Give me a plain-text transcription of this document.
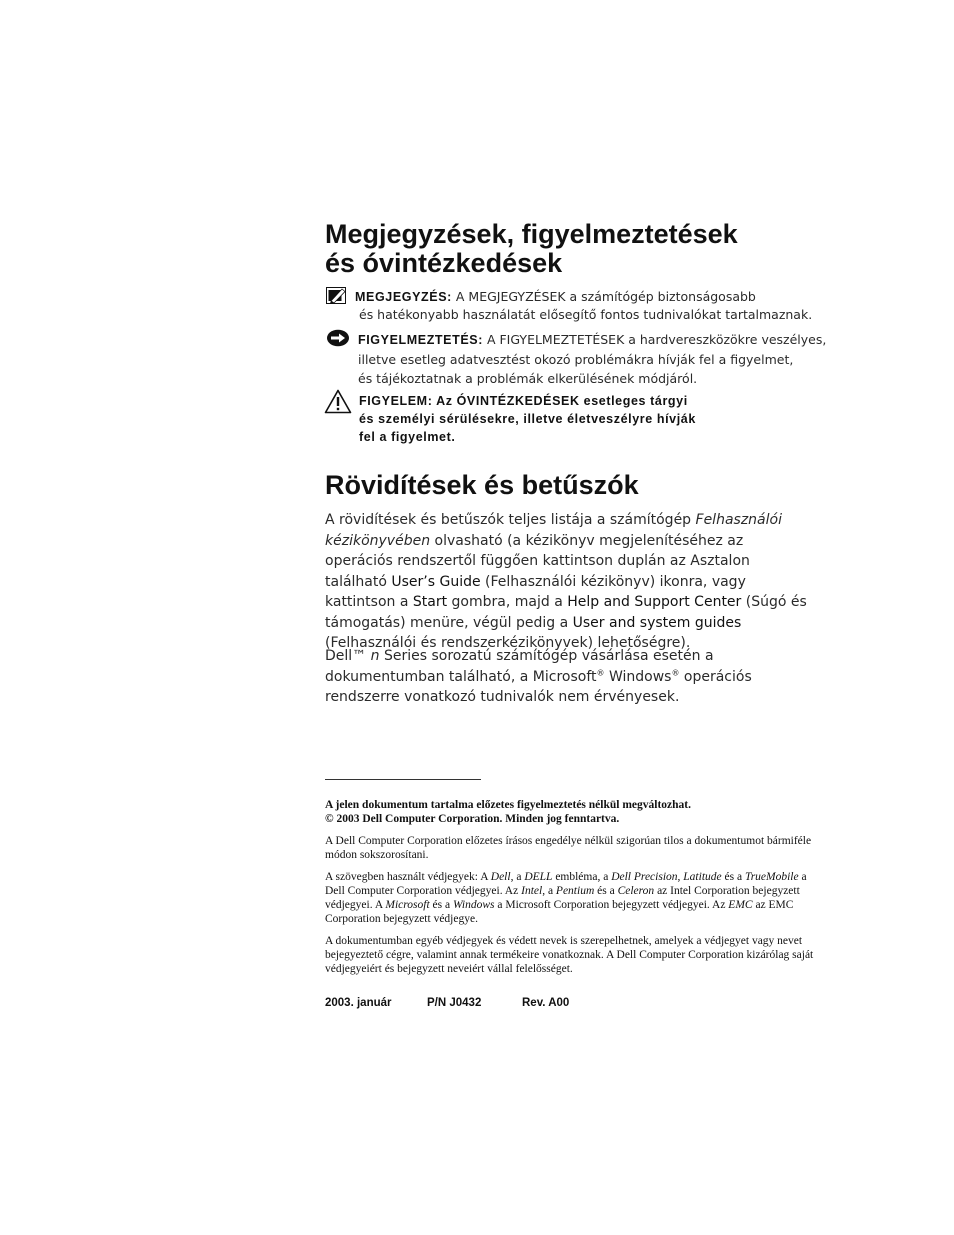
Megjegyzések, figyelmeztetések
és óvintézkedések
MEGJEGYZÉS: A MEGJEGYZÉSEK a számítógép biztonságosabb
és hatékonyabb használatát elősegítő fontos tudnivalókat tartalmaznak.
FIGYELMEZTETÉS: A FIGYELMEZTETÉSEK a hardvereszközökre veszélyes,
illetve esetleg adatvesztést okozó problémákra hívják fel a figyelmet,
és tájékoztatnak a problémák elkerülésének módjáról.
FIGYELEM: Az ÓVINTÉZKEDÉSEK esetleges tárgyi
és személyi sérülésekre, illetve életveszélyre hívják
fel a figyelmet.
Rövidítések és betűszók

A rövidítések és betűszók teljes listája a számítógép Felhasználói kézikönyvében olvasható (a kézikönyv megjelenítéséhez az operációs rendszertől függően kattintson duplán az Asztalon található User’s Guide (Felhasználói kézikönyv) ikonra, vagy kattintson a Start gombra, majd a Help and Support Center (Súgó és támogatás) menüre, végül pedig a User and system guides (Felhasználói és rendszerkézikönyvek) lehetőségre).

Dell™ n Series sorozatú számítógép vásárlása esetén a dokumentumban található, a Microsoft® Windows® operációs rendszerre vonatkozó tudnivalók nem érvényesek.

A jelen dokumentum tartalma előzetes figyelmeztetés nélkül megváltozhat.

© 2003 Dell Computer Corporation. Minden jog fenntartva.

A Dell Computer Corporation előzetes írásos engedélye nélkül szigorúan tilos a dokumentumot bármiféle módon sokszorosítani.

A szövegben használt védjegyek: A Dell, a DELL embléma, a Dell Precision, Latitude és a TrueMobile a Dell Computer Corporation védjegyei. Az Intel, a Pentium és a Celeron az Intel Corporation bejegyzett védjegyei. A Microsoft és a Windows a Microsoft Corporation bejegyzett védjegyei. Az EMC az EMC Corporation bejegyzett védjegye.

A dokumentumban egyéb védjegyek és védett nevek is szerepelhetnek, amelyek a védjegyet vagy nevet bejegyeztető cégre, valamint annak termékeire vonatkoznak. A Dell Computer Corporation kizárólag saját védjegyeiért és bejegyzett neveiért vállal felelősséget.

2003. január	P/N J0432	Rev. A00
